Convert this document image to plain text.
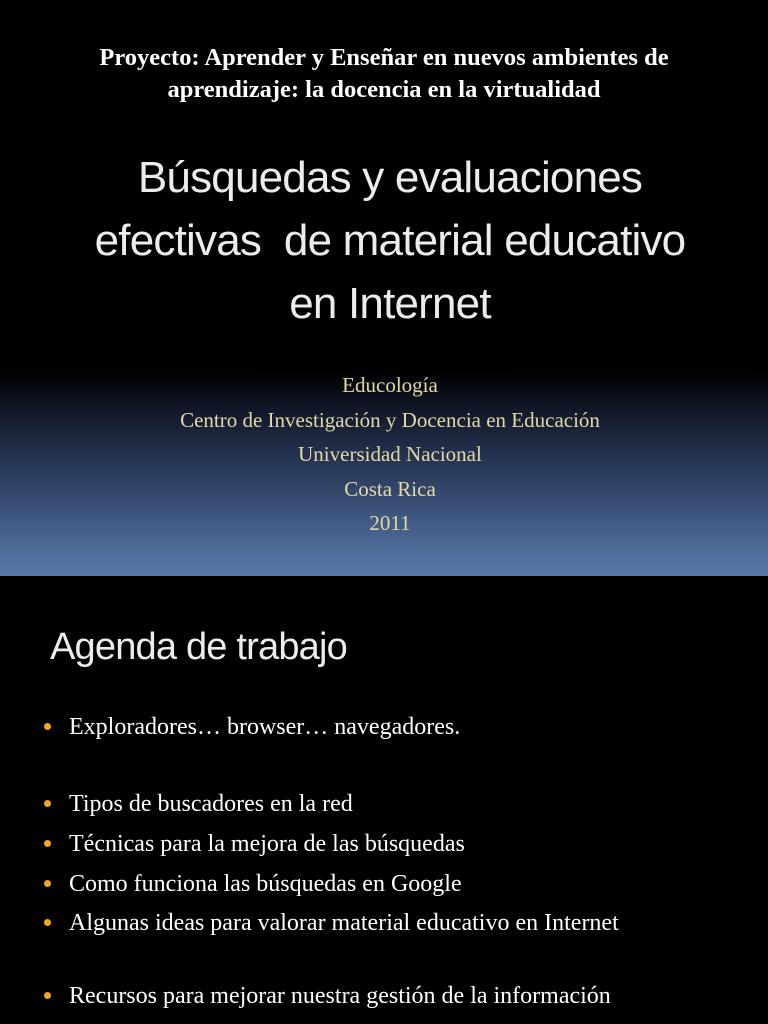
Proyecto: Aprender y Enseñar en nuevos ambientes de
aprendizaje: la docencia en la virtualidad
Búsquedas y evaluaciones
efectivas  de material educativo
en Internet
Educología
Centro de Investigación y Docencia en Educación
Universidad Nacional
Costa Rica
2011
Agenda de trabajo
Exploradores… browser… navegadores.
Tipos de buscadores en la red
Técnicas para la mejora de las búsquedas
Como funciona las búsquedas en Google
Algunas ideas para valorar material educativo en Internet
Recursos para mejorar nuestra gestión de la información
